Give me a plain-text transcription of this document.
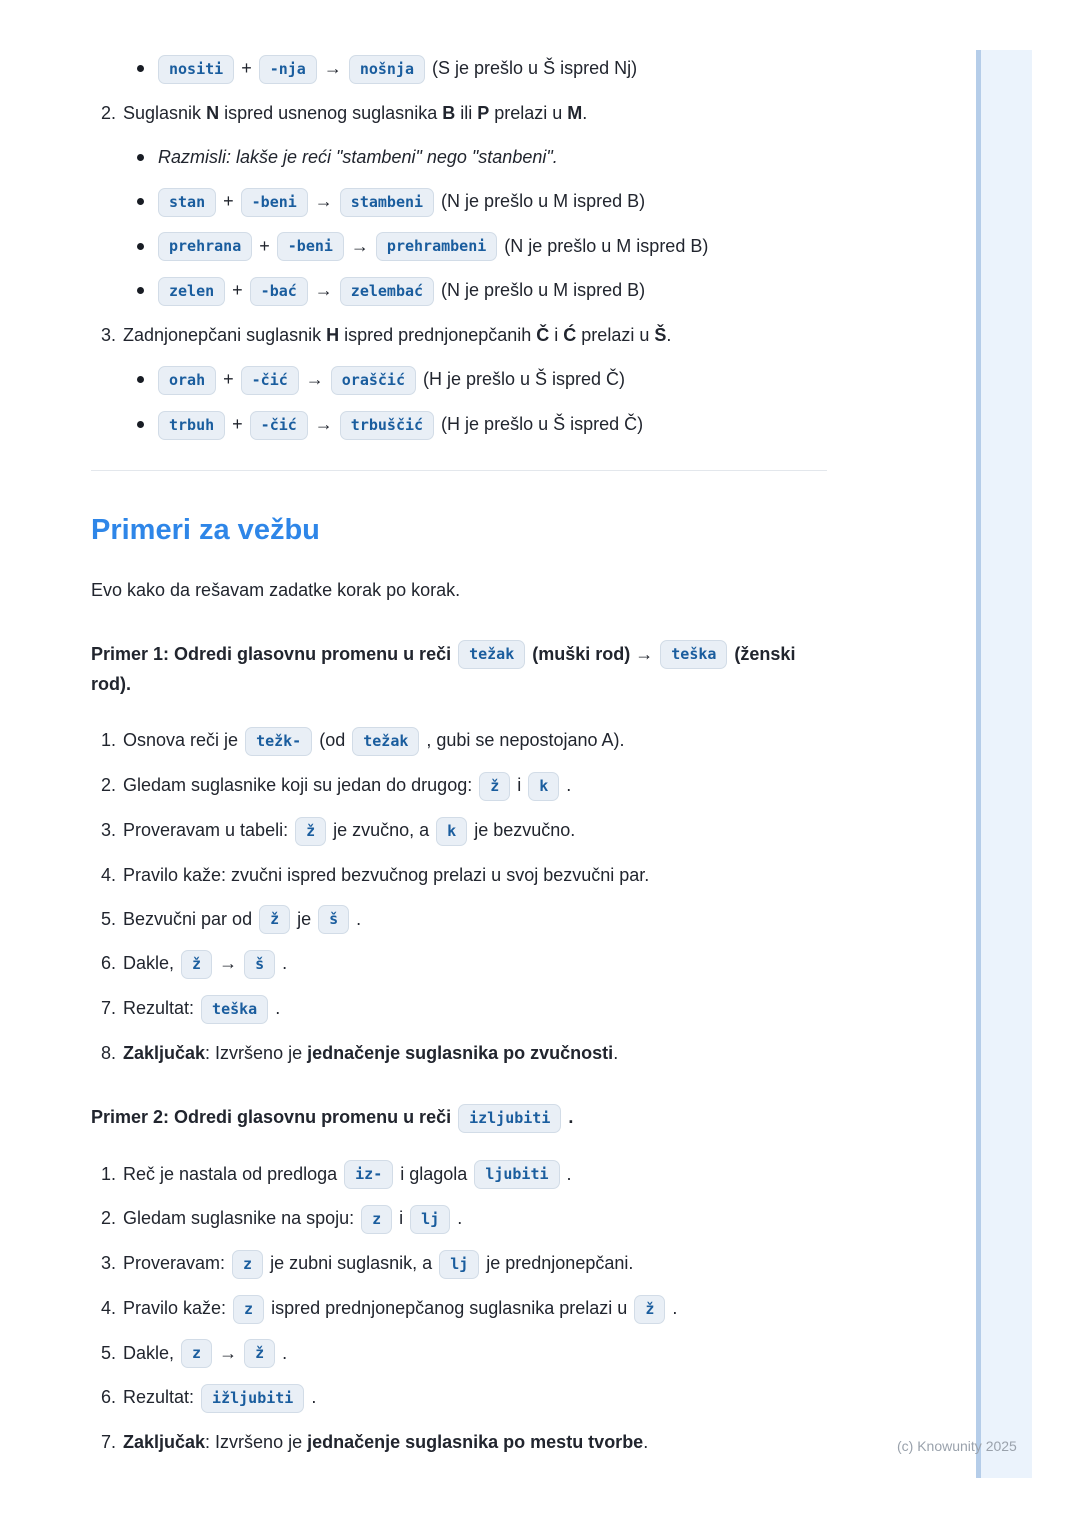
nositi + -nja → nošnja (S je prešlo u Š ispred Nj)
2. Suglasnik N ispred usnenog suglasnika B ili P prelazi u M.
Razmisli: lakše je reći "stambeni" nego "stanbeni".
stan + -beni → stambeni (N je prešlo u M ispred B)
prehrana + -beni → prehrambeni (N je prešlo u M ispred B)
zelen + -bać → zelembać (N je prešlo u M ispred B)
3. Zadnjonepčani suglasnik H ispred prednjonepčanih Č i Ć prelazi u Š.
orah + -čić → oraščić (H je prešlo u Š ispred Č)
trbuh + -čić → trbuščić (H je prešlo u Š ispred Č)
Primeri za vežbu
Evo kako da rešavam zadatke korak po korak.
Primer 1: Odredi glasovnu promenu u reči težak (muški rod) → teška (ženski rod).
1. Osnova reči je težk- (od težak , gubi se nepostojano A).
2. Gledam suglasnike koji su jedan do drugog: ž i k .
3. Proveravam u tabeli: ž je zvučno, a k je bezvučno.
4. Pravilo kaže: zvučni ispred bezvučnog prelazi u svoj bezvučni par.
5. Bezvučni par od ž je š .
6. Dakle, ž → š .
7. Rezultat: teška .
8. Zaključak: Izvršeno je jednačenje suglasnika po zvučnosti.
Primer 2: Odredi glasovnu promenu u reči izljubiti .
1. Reč je nastala od predloga iz- i glagola ljubiti .
2. Gledam suglasnike na spoju: z i lj .
3. Proveravam: z je zubni suglasnik, a lj je prednjonepčani.
4. Pravilo kaže: z ispred prednjonepčanog suglasnika prelazi u ž .
5. Dakle, z → ž .
6. Rezultat: ižljubiti .
7. Zaključak: Izvršeno je jednačenje suglasnika po mestu tvorbe.	(c) Knowunity 2025
